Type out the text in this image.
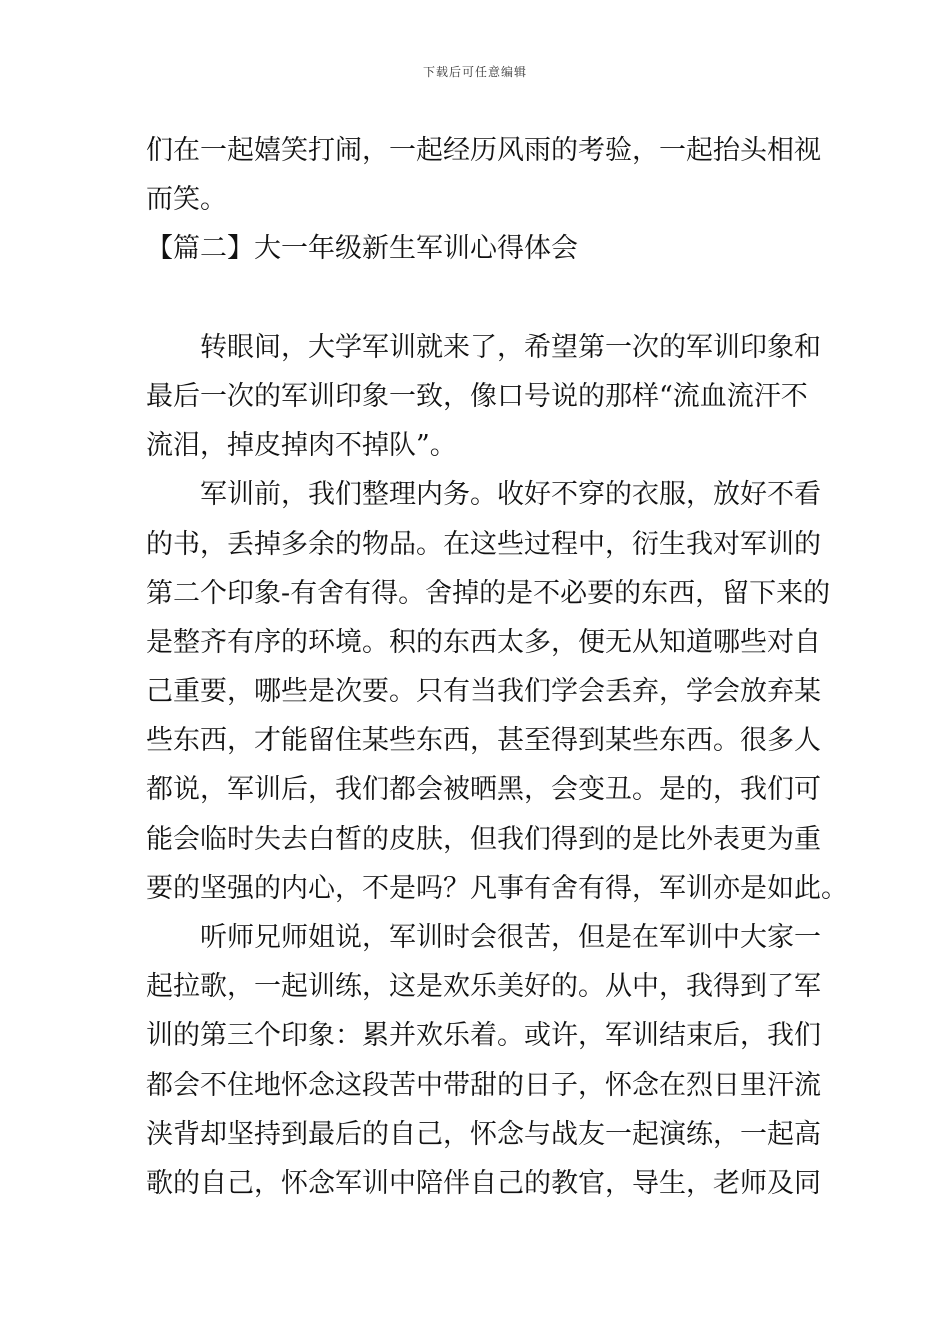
下载后可任意编辑
们在一起嬉笑打闹，一起经历风雨的考验，一起抬头相视
而笑。
【篇二】大一年级新生军训心得体会
转眼间，大学军训就来了，希望第一次的军训印象和
最后一次的军训印象一致，像口号说的那样“流血流汗不
流泪，掉皮掉肉不掉队”。
军训前，我们整理内务。收好不穿的衣服，放好不看
的书，丢掉多余的物品。在这些过程中，衍生我对军训的
第二个印象-有舍有得。舍掉的是不必要的东西，留下来的
是整齐有序的环境。积的东西太多，便无从知道哪些对自
己重要，哪些是次要。只有当我们学会丢弃，学会放弃某
些东西，才能留住某些东西，甚至得到某些东西。很多人
都说，军训后，我们都会被晒黑，会变丑。是的，我们可
能会临时失去白皙的皮肤，但我们得到的是比外表更为重
要的坚强的内心，不是吗？凡事有舍有得，军训亦是如此。
听师兄师姐说，军训时会很苦，但是在军训中大家一
起拉歌，一起训练，这是欢乐美好的。从中，我得到了军
训的第三个印象：累并欢乐着。或许，军训结束后，我们
都会不住地怀念这段苦中带甜的日子，怀念在烈日里汗流
浃背却坚持到最后的自己，怀念与战友一起演练，一起高
歌的自己，怀念军训中陪伴自己的教官，导生，老师及同
